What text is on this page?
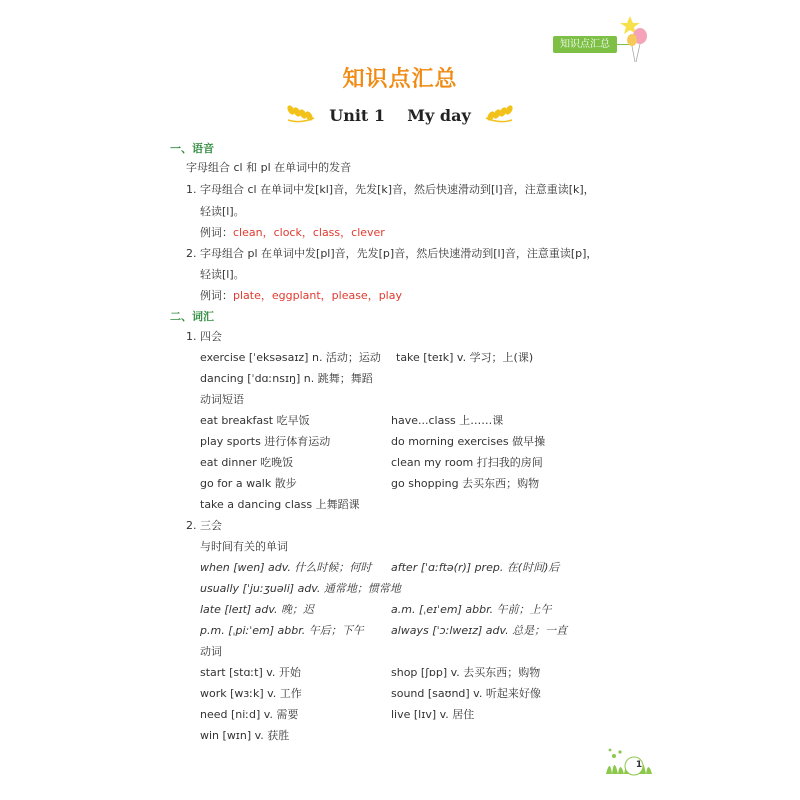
知识点汇总
知识点汇总
Unit 1    My day
一、语音
字母组合 cl 和 pl 在单词中的发音
1. 字母组合 cl 在单词中发[kl]音，先发[k]音，然后快速滑动到[l]音，注意重读[k]，
轻读[l]。
例词：clean，clock，class，clever
2. 字母组合 pl 在单词中发[pl]音，先发[p]音，然后快速滑动到[l]音，注意重读[p]，
轻读[l]。
例词：plate，eggplant，please，play
二、词汇
1. 四会
exercise [ˈeksəsaɪz] n. 活动；运动 take [teɪk] v. 学习；上(课)
dancing [ˈdɑːnsɪŋ] n. 跳舞；舞蹈
动词短语
eat breakfast 吃早饭	have...class 上……课
play sports 进行体育运动	do morning exercises 做早操
eat dinner 吃晚饭	clean my room 打扫我的房间
go for a walk 散步	go shopping 去买东西；购物
take a dancing class 上舞蹈课
2. 三会
与时间有关的单词
when [wen] adv. 什么时候；何时 after [ˈɑːftə(r)] prep. 在(时间)后
usually [ˈjuːʒuəli] adv. 通常地；惯常地
late [leɪt] adv. 晚；迟	a.m. [ˌeɪˈem] abbr. 午前；上午
p.m. [ˌpiːˈem] abbr. 午后；下午 always [ˈɔːlweɪz] adv. 总是；一直
动词
start [stɑːt] v. 开始	shop [ʃɒp] v. 去买东西；购物
work [wɜːk] v. 工作	sound [saʊnd] v. 听起来好像
need [niːd] v. 需要	live [lɪv] v. 居住
win [wɪn] v. 获胜
1
